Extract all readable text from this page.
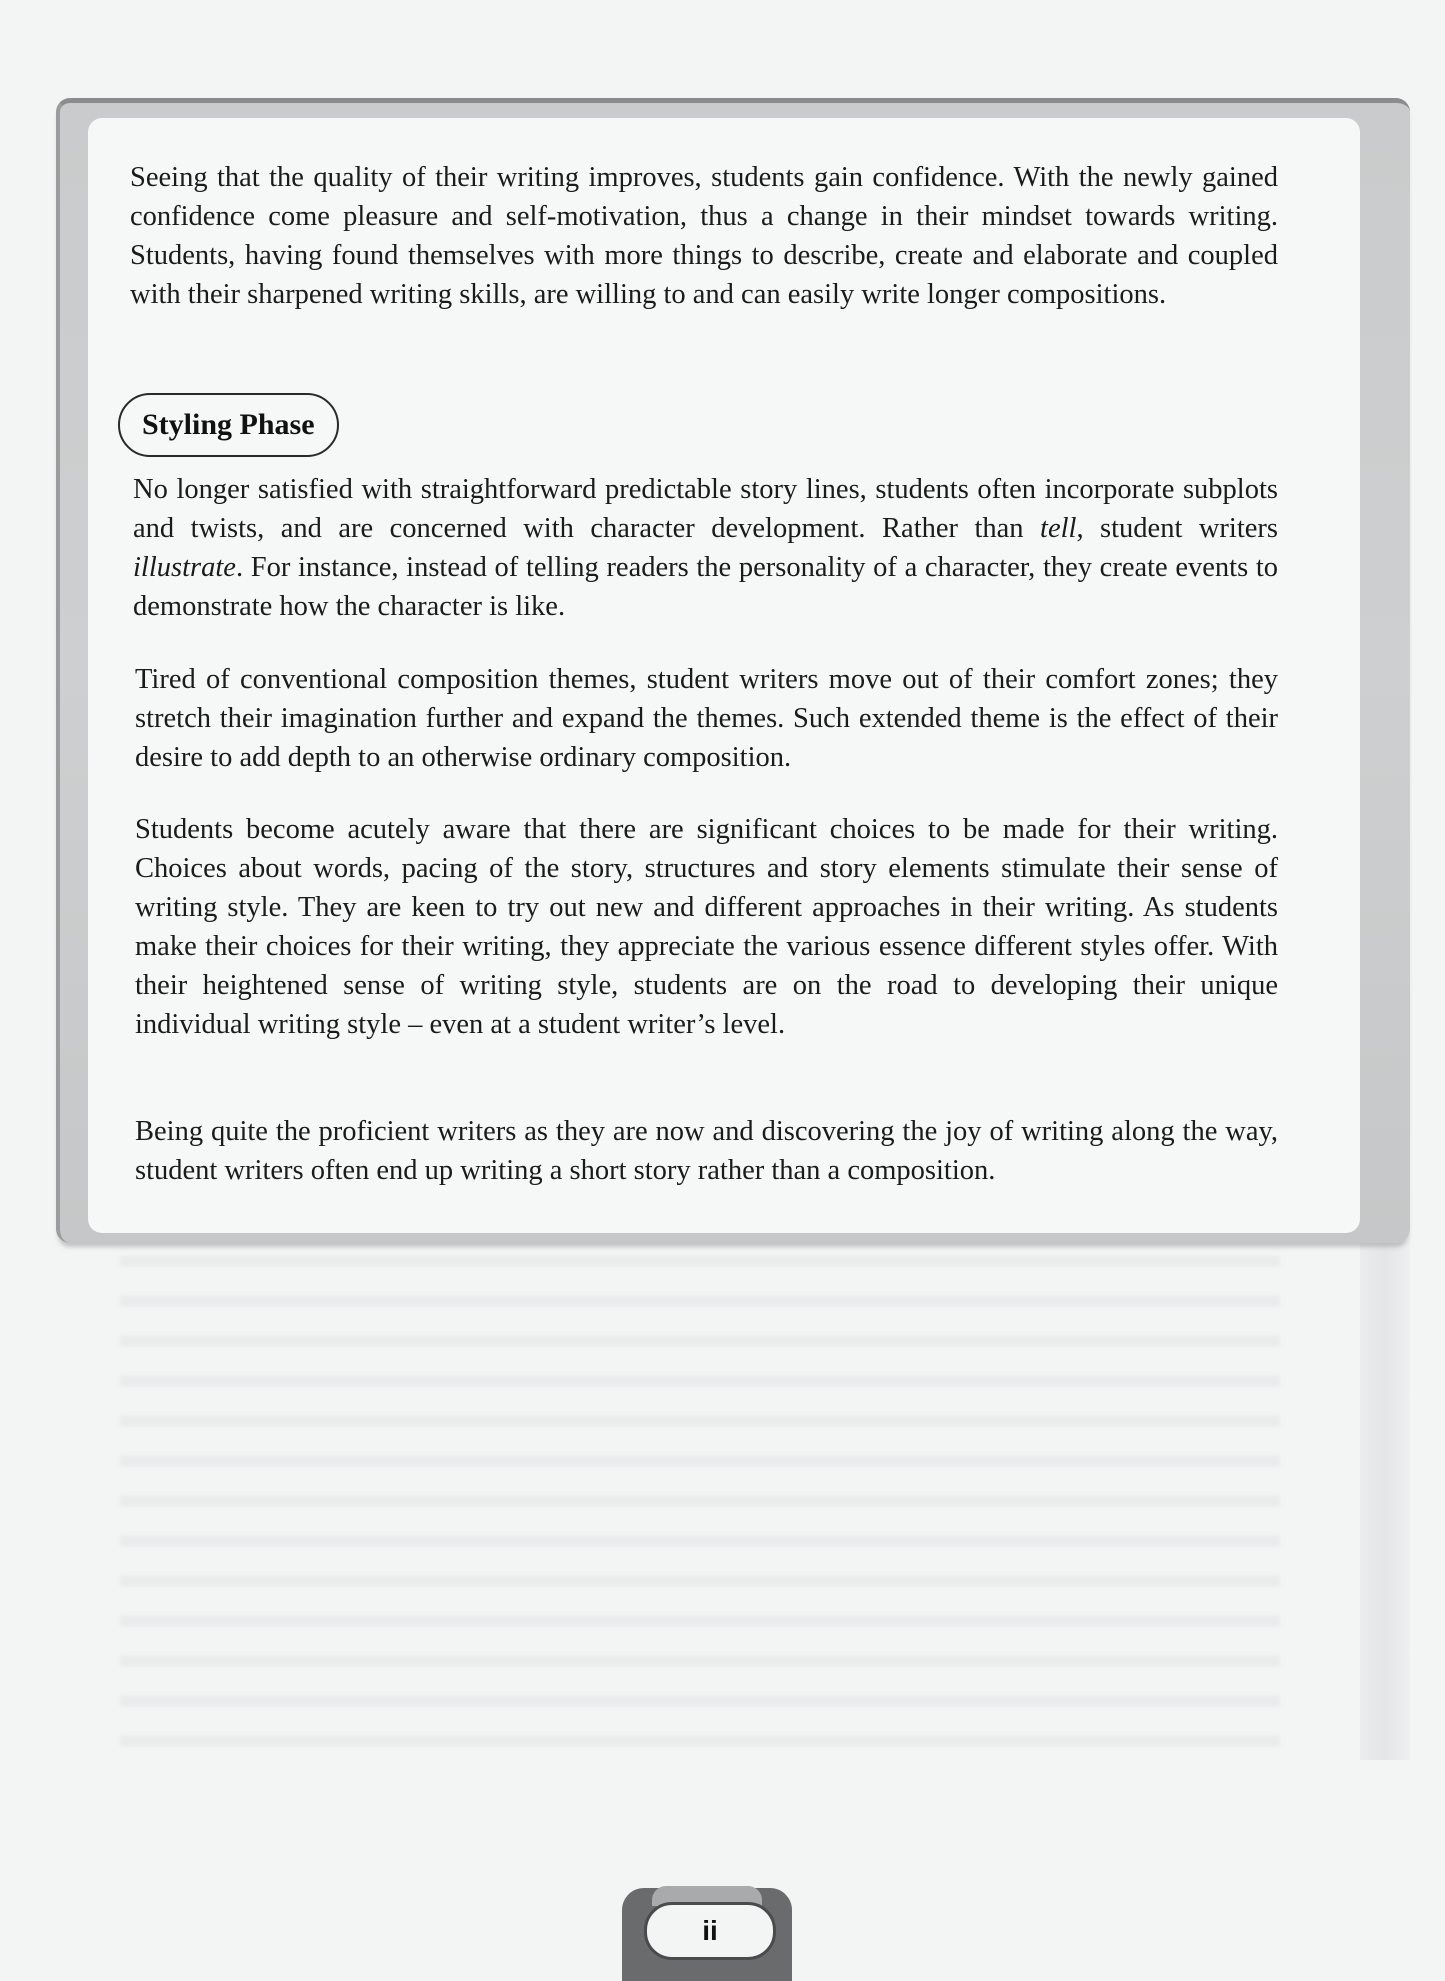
Seeing that the quality of their writing improves, students gain confidence. With the newly gained confidence come pleasure and self-motivation, thus a change in their mindset towards writing. Students, having found themselves with more things to describe, create and elaborate and coupled with their sharpened writing skills, are willing to and can easily write longer compositions.

No longer satisfied with straightforward predictable story lines, students often incorporate subplots and twists, and are concerned with character development. Rather than tell, student writers illustrate. For instance, instead of telling readers the personality of a character, they create events to demonstrate how the character is like.

Tired of conventional composition themes, student writers move out of their comfort zones; they stretch their imagination further and expand the themes. Such extended theme is the effect of their desire to add depth to an otherwise ordinary composition.

Students become acutely aware that there are significant choices to be made for their writing. Choices about words, pacing of the story, structures and story elements stimulate their sense of writing style. They are keen to try out new and different approaches in their writing. As students make their choices for their writing, they appreciate the various essence different styles offer. With their heightened sense of writing style, students are on the road to developing their unique individual writing style – even at a student writer’s level.

Being quite the proficient writers as they are now and discovering the joy of writing along the way, student writers often end up writing a short story rather than a composition.

Styling Phase
ii
